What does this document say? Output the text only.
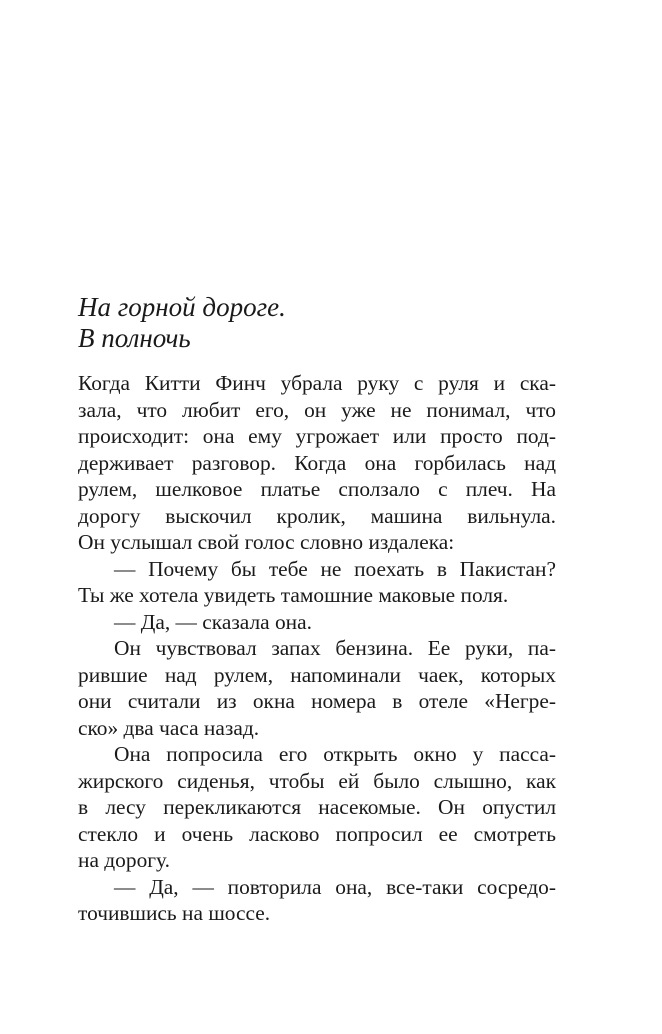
На горной дороге.
В полночь
Когда Китти Финч убрала руку с руля и ска-
зала, что любит его, он уже не понимал, что
происходит: она ему угрожает или просто под-
держивает разговор. Когда она горбилась над
рулем, шелковое платье сползало с плеч. На
дорогу выскочил кролик, машина вильнула.
Он услышал свой голос словно издалека:
— Почему бы тебе не поехать в Пакистан?
Ты же хотела увидеть тамошние маковые поля.
— Да, — сказала она.
Он чувствовал запах бензина. Ее руки, па-
рившие над рулем, напоминали чаек, которых
они считали из окна номера в отеле «Негре-
ско» два часа назад.
Она попросила его открыть окно у пасса-
жирского сиденья, чтобы ей было слышно, как
в лесу перекликаются насекомые. Он опустил
стекло и очень ласково попросил ее смотреть
на дорогу.
— Да, — повторила она, все-таки сосредо-
точившись на шоссе.
